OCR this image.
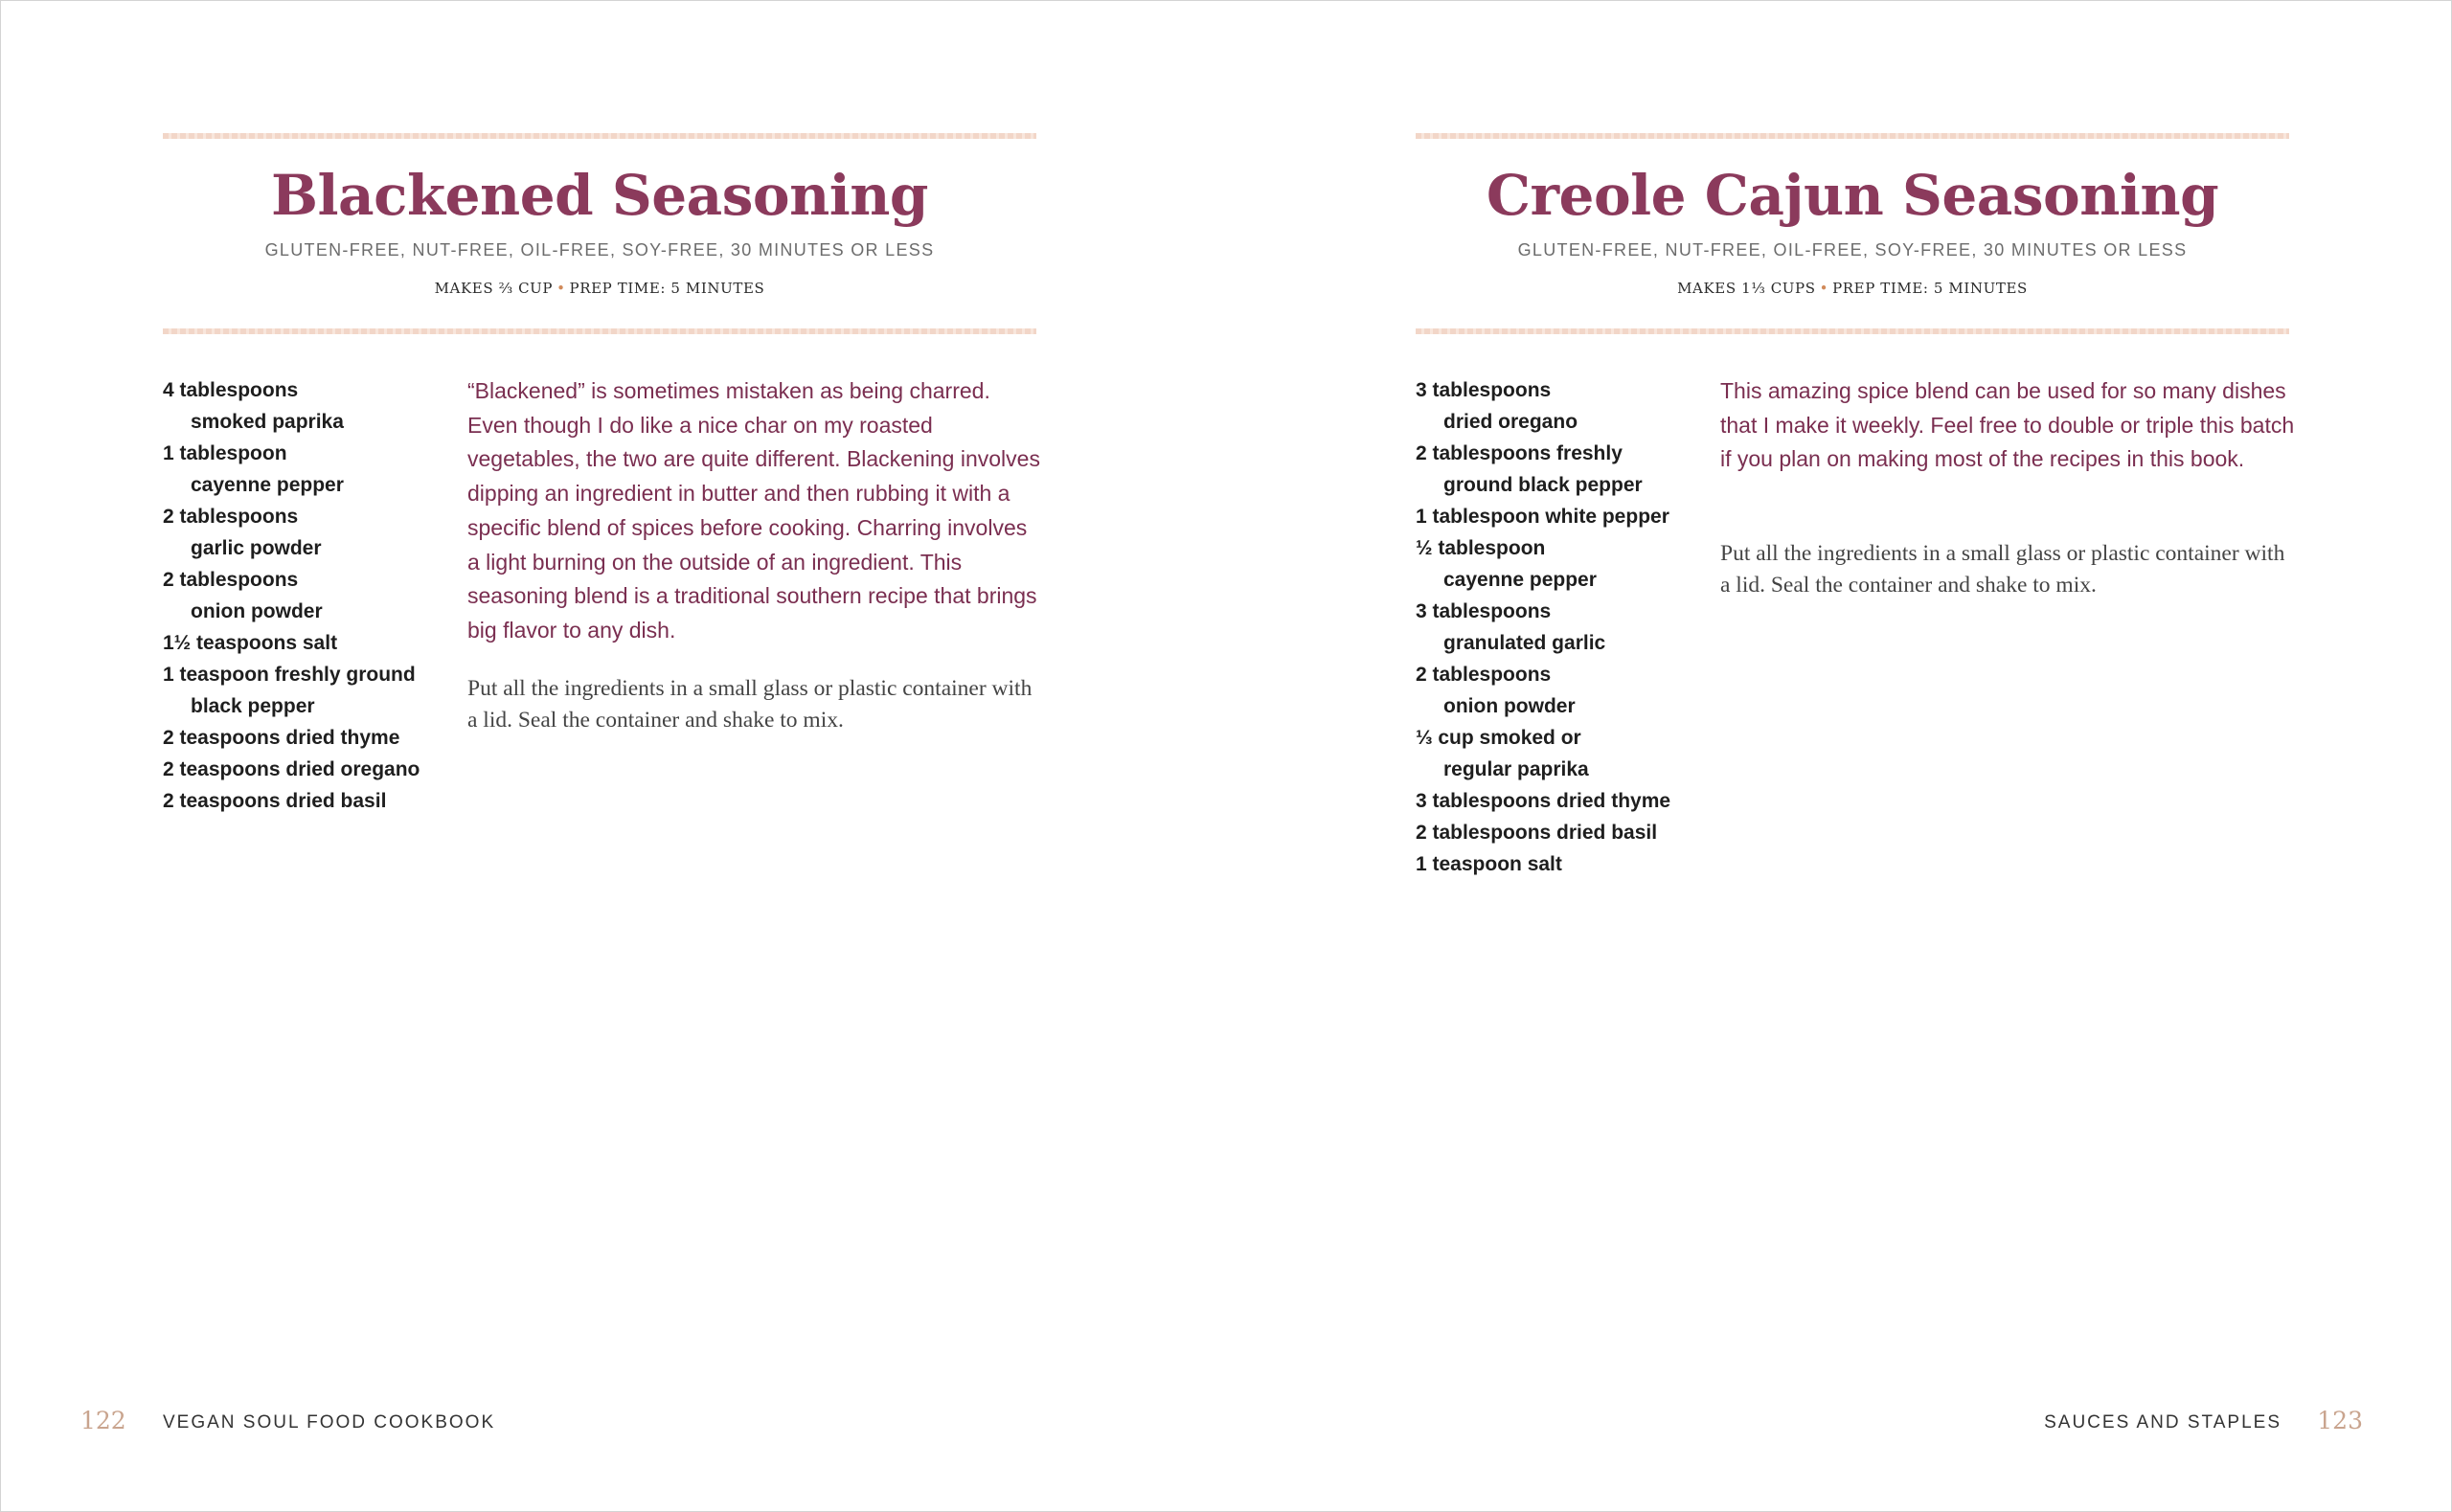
Blackened Seasoning
GLUTEN-FREE, NUT-FREE, OIL-FREE, SOY-FREE, 30 MINUTES OR LESS
MAKES ⅔ CUP • PREP TIME: 5 MINUTES
4 tablespoons
smoked paprika
1 tablespoon
cayenne pepper
2 tablespoons
garlic powder
2 tablespoons
onion powder
1½ teaspoons salt
1 teaspoon freshly ground
black pepper
2 teaspoons dried thyme
2 teaspoons dried oregano
2 teaspoons dried basil

“Blackened” is sometimes mistaken as being charred. Even though I do like a nice char on my roasted vegetables, the two are quite different. Blackening involves dipping an ingredient in butter and then rubbing it with a specific blend of spices before cooking. Charring involves a light burning on the outside of an ingredient. This seasoning blend is a traditional southern recipe that brings big flavor to any dish.

Put all the ingredients in a small glass or plastic container with a lid. Seal the container and shake to mix.

122 VEGAN SOUL FOOD COOKBOOK
Creole Cajun Seasoning
GLUTEN-FREE, NUT-FREE, OIL-FREE, SOY-FREE, 30 MINUTES OR LESS
MAKES 1⅓ CUPS • PREP TIME: 5 MINUTES
3 tablespoons
dried oregano
2 tablespoons freshly
ground black pepper
1 tablespoon white pepper
½ tablespoon
cayenne pepper
3 tablespoons
granulated garlic
2 tablespoons
onion powder
⅓ cup smoked or
regular paprika
3 tablespoons dried thyme
2 tablespoons dried basil
1 teaspoon salt

This amazing spice blend can be used for so many dishes that I make it weekly. Feel free to double or triple this batch if you plan on making most of the recipes in this book.

Put all the ingredients in a small glass or plastic container with a lid. Seal the container and shake to mix.

SAUCES AND STAPLES 123
